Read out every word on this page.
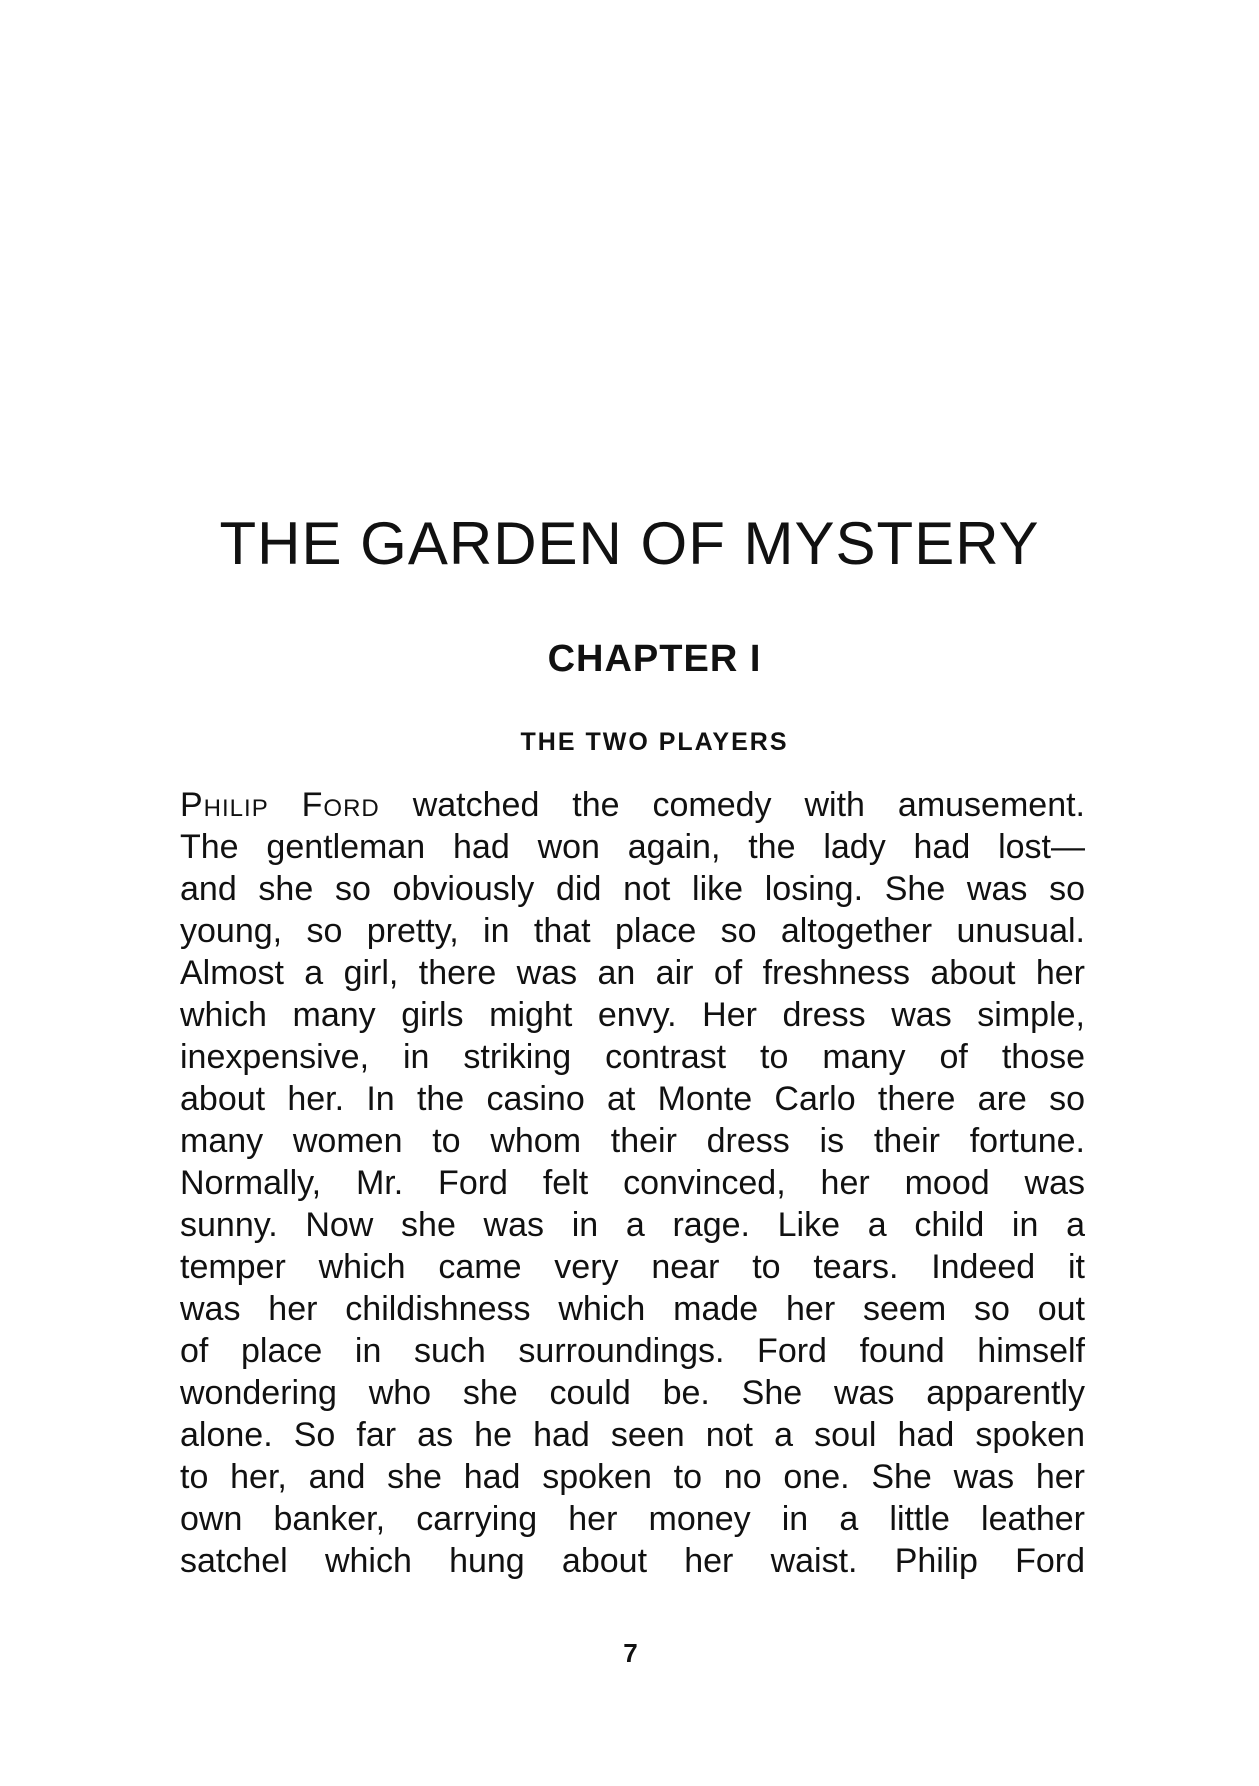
THE GARDEN OF MYSTERY
CHAPTER I
THE TWO PLAYERS
Philip Ford watched the comedy with amusement.
The gentleman had won again, the lady had lost—
and she so obviously did not like losing. She was so
young, so pretty, in that place so altogether unusual.
Almost a girl, there was an air of freshness about her
which many girls might envy. Her dress was simple,
inexpensive, in striking contrast to many of those
about her. In the casino at Monte Carlo there are so
many women to whom their dress is their fortune.
Normally, Mr. Ford felt convinced, her mood was
sunny. Now she was in a rage. Like a child in a
temper which came very near to tears. Indeed it
was her childishness which made her seem so out
of place in such surroundings. Ford found himself
wondering who she could be. She was apparently
alone. So far as he had seen not a soul had spoken
to her, and she had spoken to no one. She was her
own banker, carrying her money in a little leather
satchel which hung about her waist. Philip Ford
7
